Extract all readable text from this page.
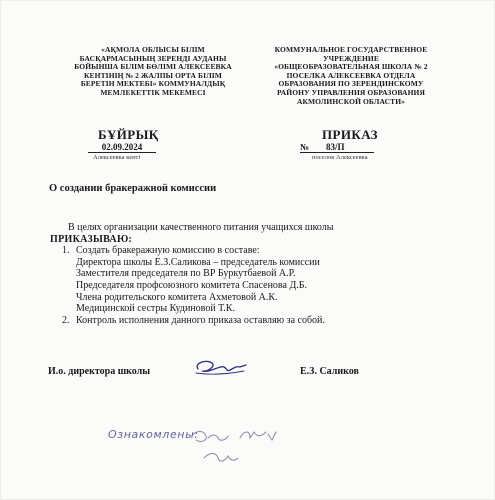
«АҚМОЛА ОБЛЫСЫ БІЛІМ
БАСҚАРМАСЫНЫҢ ЗЕРЕНДІ АУДАНЫ
БОЙЫНША БІЛІМ БӨЛІМІ АЛЕКСЕЕВКА
КЕНТІНІҢ № 2 ЖАЛПЫ ОРТА БІЛІМ
БЕРЕТІН МЕКТЕБІ» КОММУНАЛДЫҚ
МЕМЛЕКЕТТІК МЕКЕМЕСІ
КОММУНАЛЬНОЕ ГОСУДАРСТВЕННОЕ
УЧРЕЖДЕНИЕ
«ОБЩЕОБРАЗОВАТЕЛЬНАЯ ШКОЛА № 2
ПОСЕЛКА АЛЕКСЕЕВКА ОТДЕЛА
ОБРАЗОВАНИЯ ПО ЗЕРЕНДИНСКОМУ
РАЙОНУ УПРАВЛЕНИЯ ОБРАЗОВАНИЯ
АКМОЛИНСКОЙ ОБЛАСТИ»
БҰЙРЫҚ
02.09.2024
Алексеевка кенті
ПРИКАЗ
№ 83/П
поселок Алексеевка
О создании бракеражной комиссии
В целях организации качественного питания учащихся школы
ПРИКАЗЫВАЮ:
1. Создать бракеражную комиссию в составе:
Директора школы Е.З.Саликова – председатель комиссии
Заместителя председателя по ВР Буркутбаевой А.Р.
Председателя профсоюзного комитета Спасенова Д.Б.
Члена родительского комитета Ахметовой А.К.
Медицинской сестры Кудиновой Т.К.
2. Контроль исполнения данного приказа оставляю за собой.
И.о. директора школы	Е.З. Саликов
Ознакомлены:
